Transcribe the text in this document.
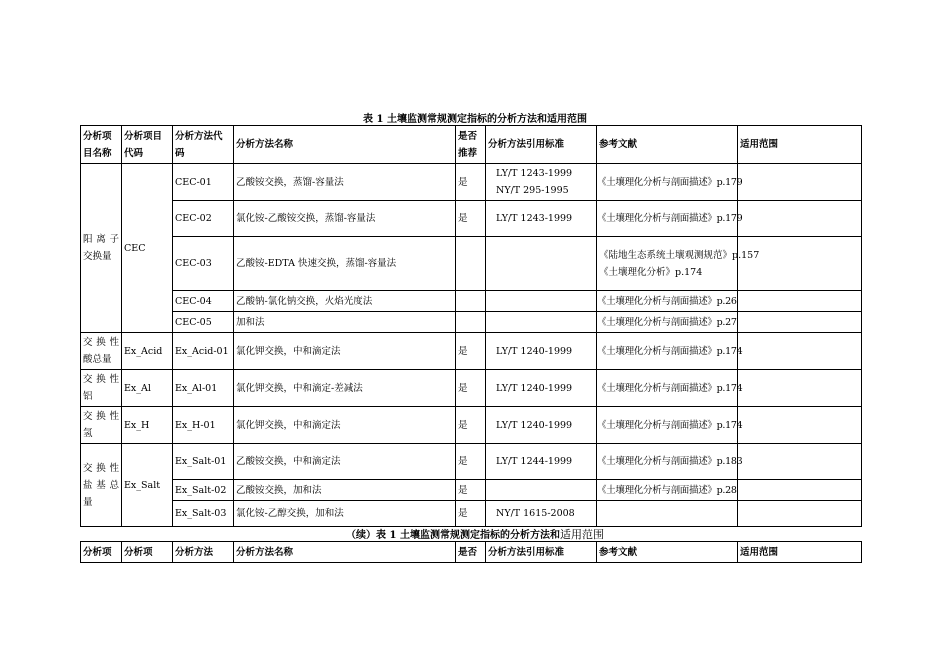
表 1 土壤监测常规测定指标的分析方法和适用范围
分析项目名称	分析项目代码	分析方法代码	分析方法名称	是否推荐	分析方法引用标准	参考文献	适用范围
阳 离 子交换量	CEC	CEC-01	乙酸铵交换，蒸馏-容量法	是	LY/T 1243-1999
NY/T 295-1995	《土壤理化分析与剖面描述》p.179	

		CEC-02	氯化铵-乙酸铵交换，蒸馏-容量法	是	LY/T 1243-1999	《土壤理化分析与剖面描述》p.179	

		CEC-03	乙酸铵-EDTA 快速交换，蒸馏-容量法			《陆地生态系统土壤观测规范》p.157
《土壤理化分析》p.174	

		CEC-04	乙酸钠-氯化钠交换，火焰光度法			《土壤理化分析与剖面描述》p.26	

		CEC-05	加和法			《土壤理化分析与剖面描述》p.27	

交 换 性酸总量	Ex_Acid	Ex_Acid-01	氯化钾交换，中和滴定法	是	LY/T 1240-1999	《土壤理化分析与剖面描述》p.174	

交 换 性铝	Ex_Al	Ex_Al-01	氯化钾交换，中和滴定-差减法	是	LY/T 1240-1999	《土壤理化分析与剖面描述》p.174	

交 换 性氢	Ex_H	Ex_H-01	氯化钾交换，中和滴定法	是	LY/T 1240-1999	《土壤理化分析与剖面描述》p.174	

交 换 性盐 基 总量	Ex_Salt	Ex_Salt-01	乙酸铵交换，中和滴定法	是	LY/T 1244-1999	《土壤理化分析与剖面描述》p.183	

		Ex_Salt-02	乙酸铵交换，加和法	是		《土壤理化分析与剖面描述》p.28	

		Ex_Salt-03	氯化铵-乙醇交换，加和法	是	NY/T 1615-2008		

（续）表 1 土壤监测常规测定指标的分析方法和适用范围
分析项	分析项	分析方法	分析方法名称	是否	分析方法引用标准	参考文献	适用范围
